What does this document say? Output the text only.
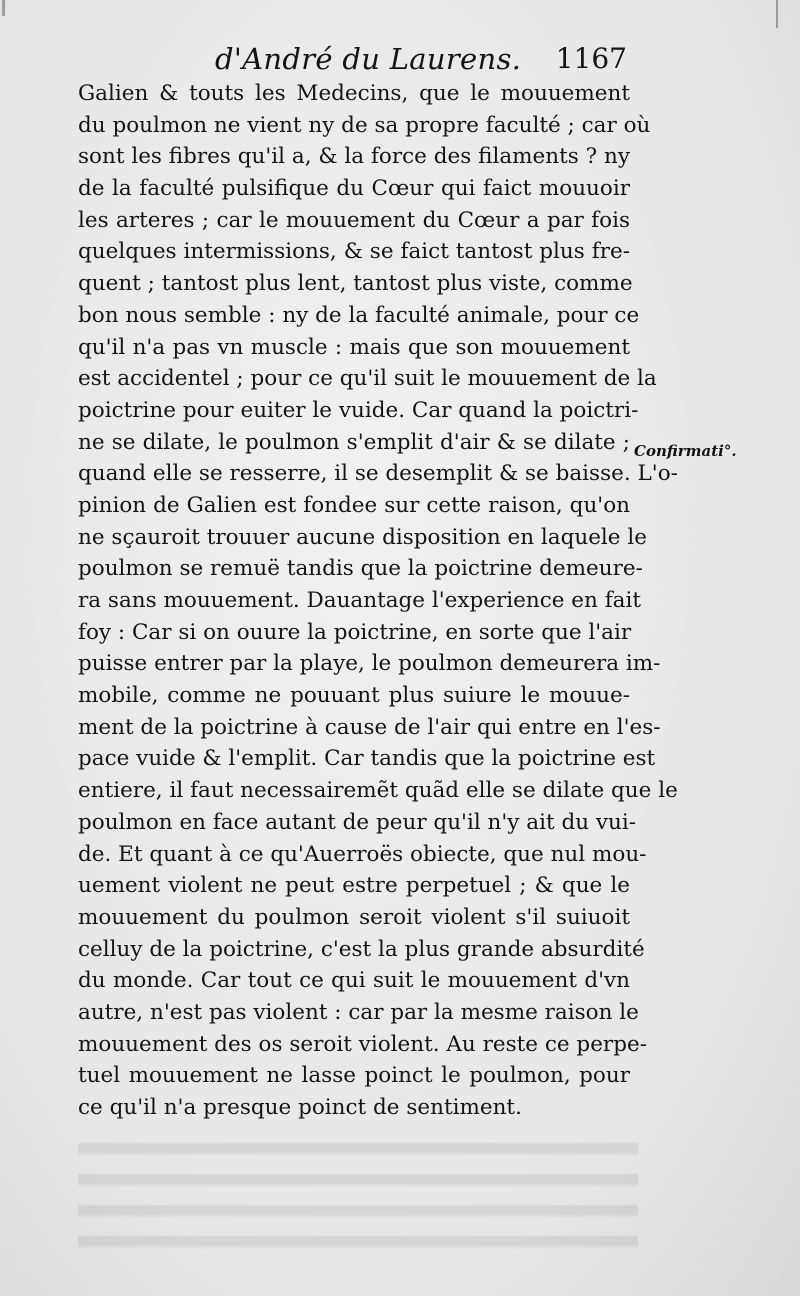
d'André du Laurens. 1167
Galien & touts les Medecins, que le mouuement
du poulmon ne vient ny de sa propre faculté ; car où
sont les fibres qu'il a, & la force des filaments ? ny
de la faculté pulsifique du Cœur qui faict mouuoir
les arteres ; car le mouuement du Cœur a par fois
quelques intermissions, & se faict tantost plus fre-
quent ; tantost plus lent, tantost plus viste, comme
bon nous semble : ny de la faculté animale, pour ce
qu'il n'a pas vn muscle : mais que son mouuement
est accidentel ; pour ce qu'il suit le mouuement de la
poictrine pour euiter le vuide. Car quand la poictri-
ne se dilate, le poulmon s'emplit d'air & se dilate ;
quand elle se resserre, il se desemplit & se baisse. L'o-
pinion de Galien est fondee sur cette raison, qu'on
ne sçauroit trouuer aucune disposition en laquele le
poulmon se remuë tandis que la poictrine demeure-
ra sans mouuement. Dauantage l'experience en fait
foy : Car si on ouure la poictrine, en sorte que l'air
puisse entrer par la playe, le poulmon demeurera im-
mobile, comme ne pouuant plus suiure le mouue-
ment de la poictrine à cause de l'air qui entre en l'es-
pace vuide & l'emplit. Car tandis que la poictrine est
entiere, il faut necessairemẽt quãd elle se dilate que le
poulmon en face autant de peur qu'il n'y ait du vui-
de. Et quant à ce qu'Auerroës obiecte, que nul mou-
uement violent ne peut estre perpetuel ; & que le
mouuement du poulmon seroit violent s'il suiuoit
celluy de la poictrine, c'est la plus grande absurdité
du monde. Car tout ce qui suit le mouuement d'vn
autre, n'est pas violent : car par la mesme raison le
mouuement des os seroit violent. Au reste ce perpe-
tuel mouuement ne lasse poinct le poulmon, pour
ce qu'il n'a presque poinct de sentiment.
Confirmati°.
